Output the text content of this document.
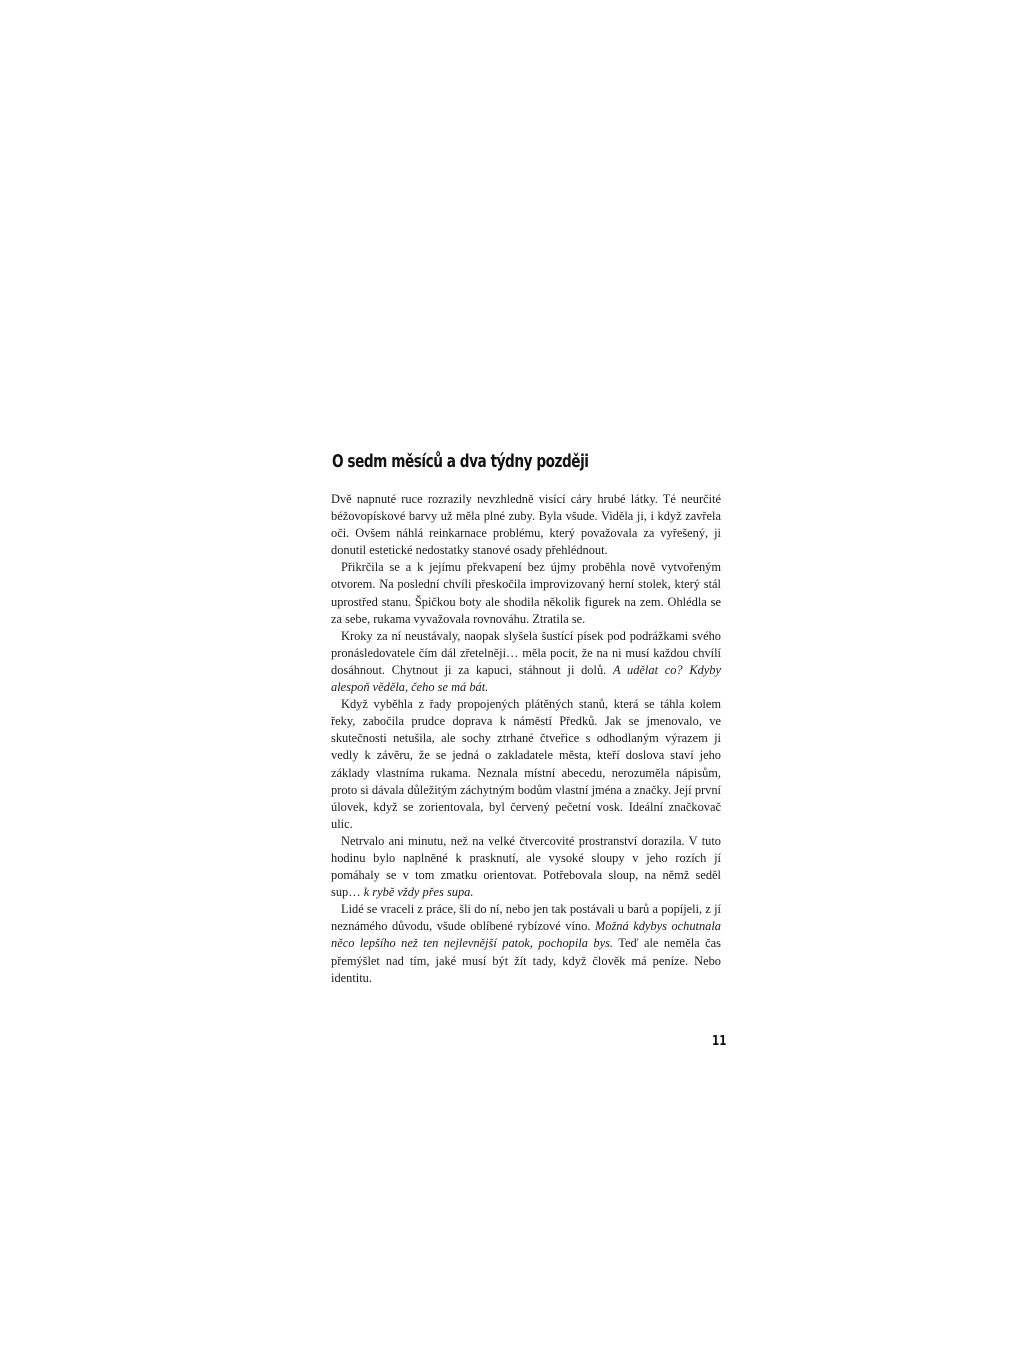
O sedm měsíců a dva týdny později

Dvě napnuté ruce rozrazily nevzhledně visící cáry hrubé látky. Té neurčité béžovopískové barvy už měla plné zuby. Byla všude. Viděla ji, i když zavřela oči. Ovšem náhlá reinkarnace problému, který považovala za vyřešený, ji donutil estetické nedostatky stanové osady přehlédnout.

Přikrčila se a k jejímu překvapení bez újmy proběhla nově vytvořeným otvorem. Na poslední chvíli přeskočila improvizovaný herní stolek, který stál uprostřed stanu. Špičkou boty ale shodila několik figurek na zem. Ohlédla se za sebe, rukama vyvažovala rovnováhu. Ztratila se.

Kroky za ní neustávaly, naopak slyšela šustící písek pod podrážkami svého pronásledovatele čím dál zřetelněji… měla pocit, že na ni musí každou chvílí dosáhnout. Chytnout ji za kapuci, stáhnout ji dolů. A udělat co? Kdyby alespoň věděla, čeho se má bát.

Když vyběhla z řady propojených plátěných stanů, která se táhla kolem řeky, zabočila prudce doprava k náměstí Předků. Jak se jmenovalo, ve skutečnosti netušila, ale sochy ztrhané čtveřice s odhodlaným výrazem ji vedly k závěru, že se jedná o zakladatele města, kteří doslova staví jeho základy vlastníma rukama. Neznala místní abecedu, nerozuměla nápisům, proto si dávala důležitým záchytným bodům vlastní jména a značky. Její první úlovek, když se zorientovala, byl červený pečetní vosk. Ideální značkovač ulic.

Netrvalo ani minutu, než na velké čtvercovité prostranství dorazila. V tuto hodinu bylo naplněné k prasknutí, ale vysoké sloupy v jeho rozích jí pomáhaly se v tom zmatku orientovat. Potřebovala sloup, na němž seděl sup… k rybě vždy přes supa.

Lidé se vraceli z práce, šli do ní, nebo jen tak postávali u barů a popíjeli, z jí neznámého důvodu, všude oblíbené rybízové víno. Možná kdybys ochutnala něco lepšího než ten nejlevnější patok, pochopila bys. Teď ale neměla čas přemýšlet nad tím, jaké musí být žít tady, když člověk má peníze. Nebo identitu.

11
